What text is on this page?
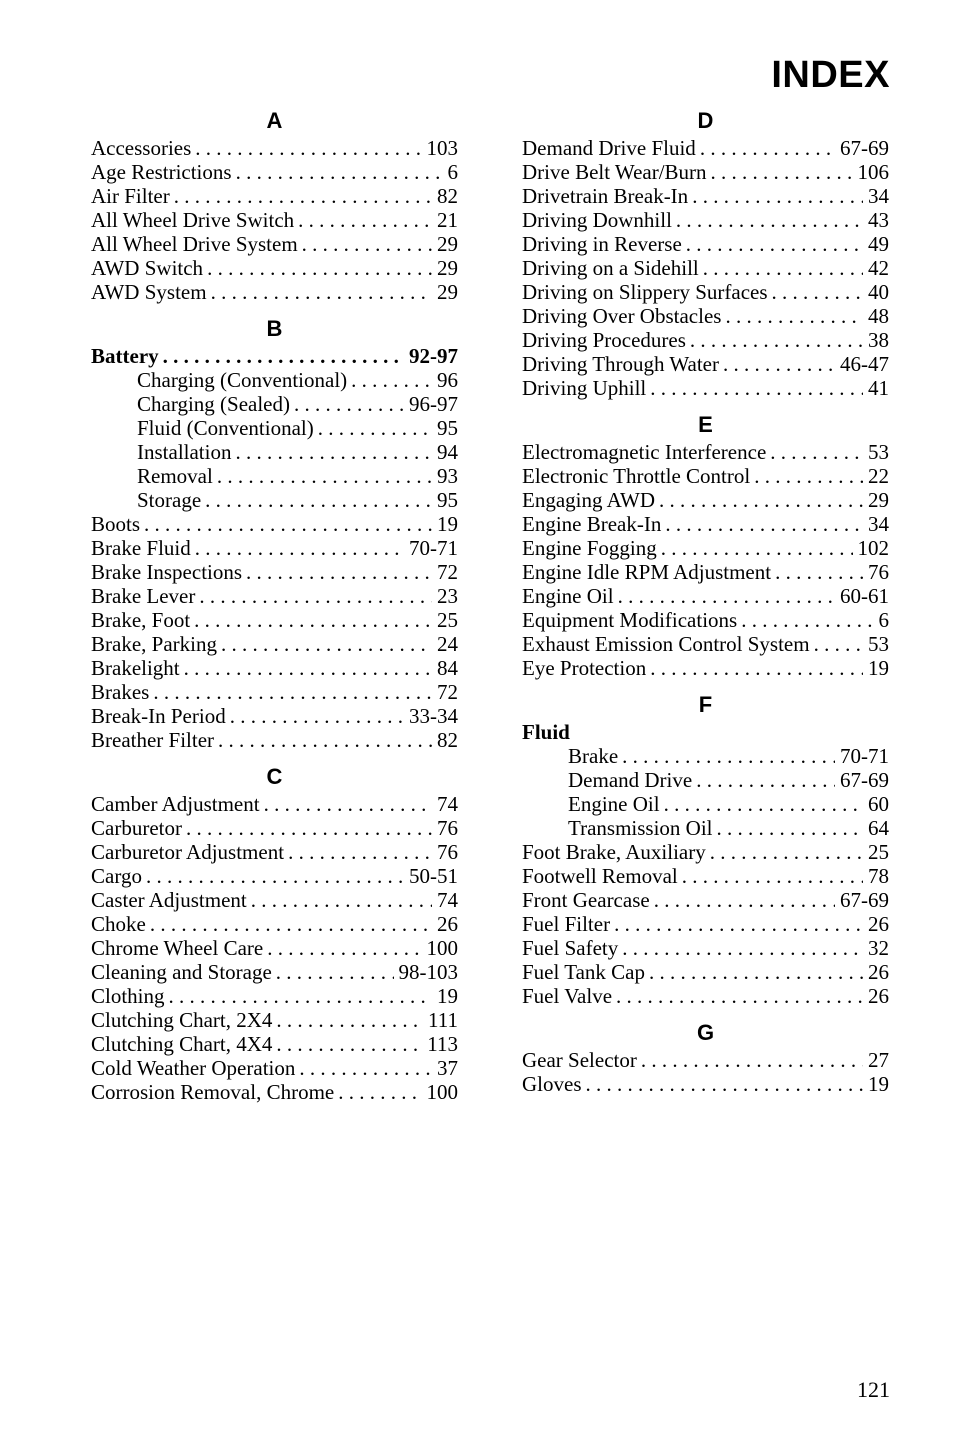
INDEX
A
Accessories . . .	103
Age Restrictions . . .	6
Air Filter . . .	82
All Wheel Drive Switch . . .	21
All Wheel Drive System . . .	29
AWD Switch . . .	29
AWD System . . .	29
B
Battery . . .	92-97
Charging (Conventional) . . .	96
Charging (Sealed) . . .	96-97
Fluid (Conventional) . . .	95
Installation . . .	94
Removal . . .	93
Storage . . .	95
Boots . . .	19
Brake Fluid . . .	70-71
Brake Inspections . . .	72
Brake Lever . . .	23
Brake, Foot . . .	25
Brake, Parking . . .	24
Brakelight . . .	84
Brakes . . .	72
Break-In Period . . .	33-34
Breather Filter . . .	82
C
Camber Adjustment . . .	74
Carburetor . . .	76
Carburetor Adjustment . . .	76
Cargo . . .	50-51
Caster Adjustment . . .	74
Choke . . .	26
Chrome Wheel Care . . .	100
Cleaning and Storage . . .	98-103
Clothing . . .	19
Clutching Chart, 2X4 . . .	111
Clutching Chart, 4X4 . . .	113
Cold Weather Operation . . .	37
Corrosion Removal, Chrome . . .	100
D
Demand Drive Fluid . . .	67-69
Drive Belt Wear/Burn . . .	106
Drivetrain Break-In . . .	34
Driving Downhill . . .	43
Driving in Reverse . . .	49
Driving on a Sidehill . . .	42
Driving on Slippery Surfaces . . .	40
Driving Over Obstacles . . .	48
Driving Procedures . . .	38
Driving Through Water . . .	46-47
Driving Uphill . . .	41
E
Electromagnetic Interference . . .	53
Electronic Throttle Control . . .	22
Engaging AWD . . .	29
Engine Break-In . . .	34
Engine Fogging . . .	102
Engine Idle RPM Adjustment . . .	76
Engine Oil . . .	60-61
Equipment Modifications . . .	6
Exhaust Emission Control System . . .	53
Eye Protection . . .	19
F
Fluid
Brake . . .	70-71
Demand Drive . . .	67-69
Engine Oil . . .	60
Transmission Oil . . .	64
Foot Brake, Auxiliary . . .	25
Footwell Removal . . .	78
Front Gearcase . . .	67-69
Fuel Filter . . .	26
Fuel Safety . . .	32
Fuel Tank Cap . . .	26
Fuel Valve . . .	26
G
Gear Selector . . .	27
Gloves . . .	19
121
